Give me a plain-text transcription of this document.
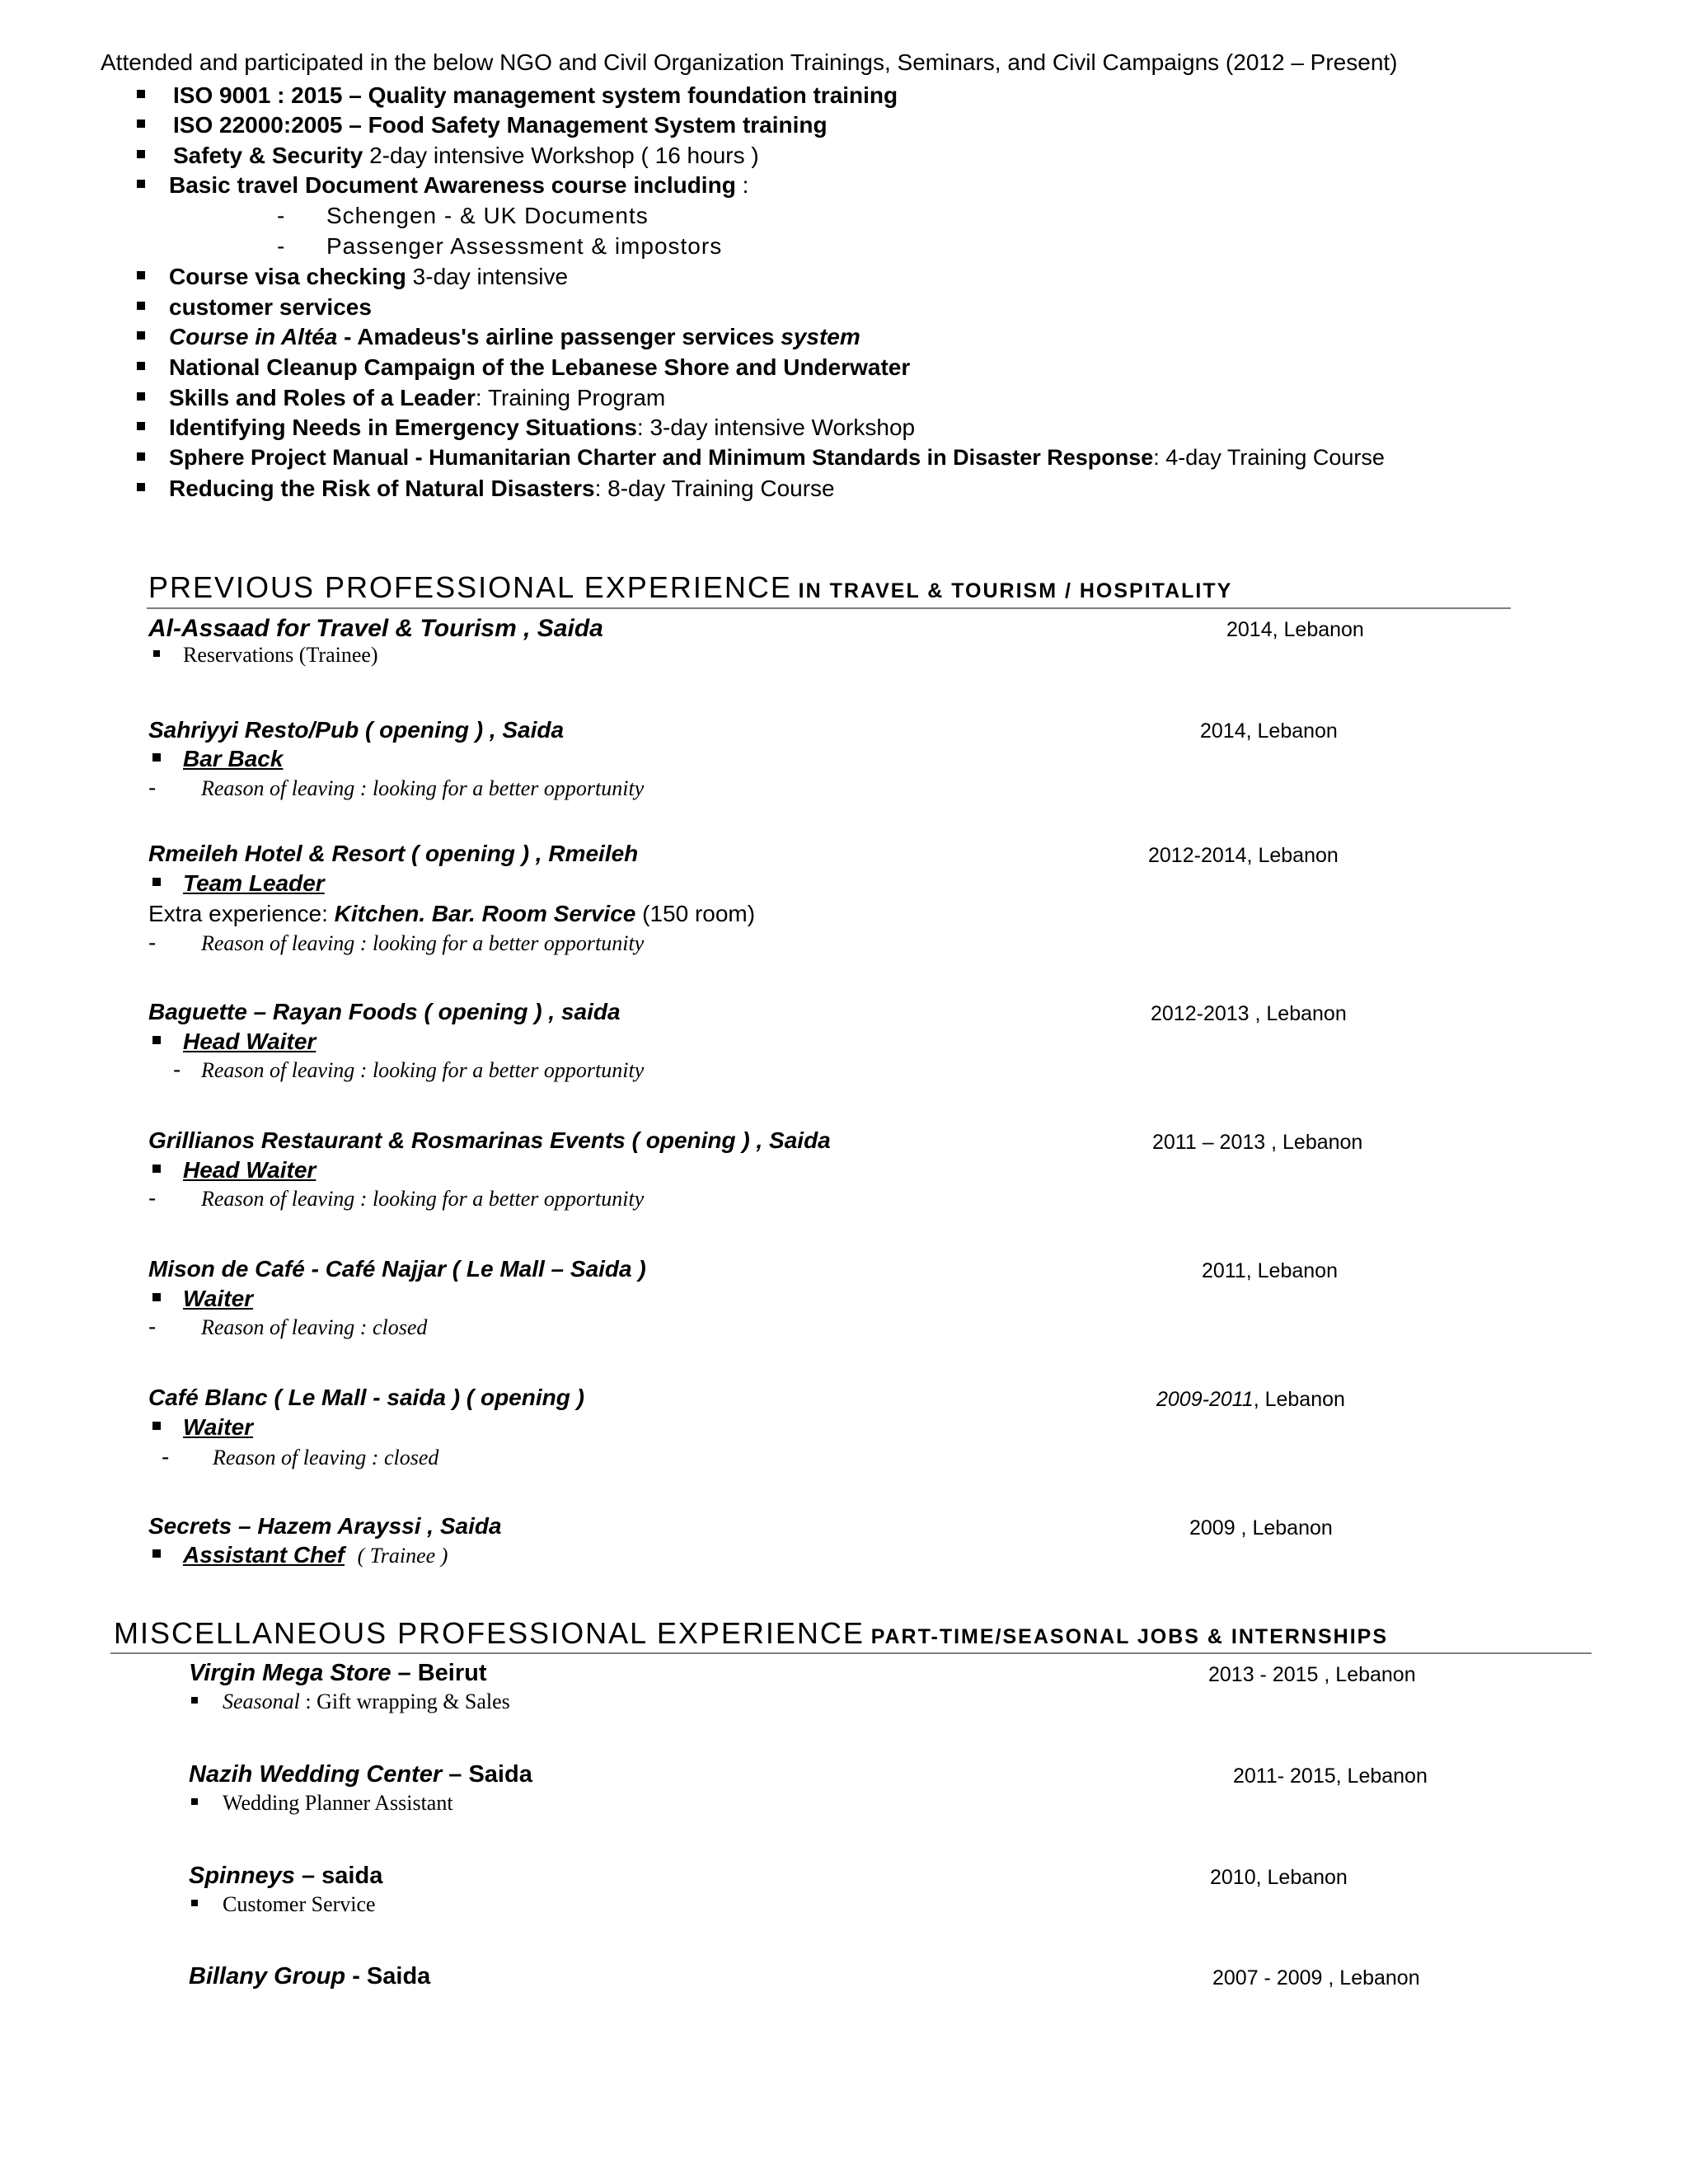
Attended and participated in the below NGO and Civil Organization Trainings, Seminars, and Civil Campaigns (2012 – Present)
ISO 9001 : 2015 – Quality management system foundation training
ISO 22000:2005 – Food Safety Management System training
Safety & Security 2-day intensive Workshop ( 16 hours )
Basic travel Document Awareness course including :
- Schengen - & UK Documents
- Passenger Assessment & impostors
Course visa checking 3-day intensive
customer services
Course in Altéa - Amadeus's airline passenger services system
National Cleanup Campaign of the Lebanese Shore and Underwater
Skills and Roles of a Leader: Training Program
Identifying Needs in Emergency Situations: 3-day intensive Workshop
Sphere Project Manual - Humanitarian Charter and Minimum Standards in Disaster Response: 4-day Training Course
Reducing the Risk of Natural Disasters: 8-day Training Course
PREVIOUS PROFESSIONAL EXPERIENCE IN TRAVEL & TOURISM / HOSPITALITY
Al-Assaad for Travel & Tourism , Saida	2014, Lebanon
Reservations (Trainee)
Sahriyyi Resto/Pub ( opening ) , Saida	2014, Lebanon
Bar Back
- Reason of leaving : looking for a better opportunity
Rmeileh Hotel & Resort ( opening ) , Rmeileh	2012-2014, Lebanon
Team Leader
Extra experience: Kitchen. Bar. Room Service (150 room)
- Reason of leaving : looking for a better opportunity
Baguette – Rayan Foods ( opening ) , saida	2012-2013 , Lebanon
Head Waiter
- Reason of leaving : looking for a better opportunity
Grillianos Restaurant & Rosmarinas Events ( opening ) , Saida	2011 – 2013 , Lebanon
Head Waiter
- Reason of leaving : looking for a better opportunity
Mison de Café - Café Najjar ( Le Mall – Saida )	2011, Lebanon
Waiter
- Reason of leaving : closed
Café Blanc ( Le Mall - saida ) ( opening )	2009-2011, Lebanon
Waiter
- Reason of leaving : closed
Secrets – Hazem Arayssi , Saida	2009 , Lebanon
Assistant Chef ( Trainee )
MISCELLANEOUS PROFESSIONAL EXPERIENCE PART-TIME/SEASONAL JOBS & INTERNSHIPS
Virgin Mega Store – Beirut	2013 - 2015 , Lebanon
Seasonal : Gift wrapping & Sales
Nazih Wedding Center – Saida	2011- 2015, Lebanon
Wedding Planner Assistant
Spinneys – saida	2010, Lebanon
Customer Service
Billany Group - Saida	2007 - 2009 , Lebanon
